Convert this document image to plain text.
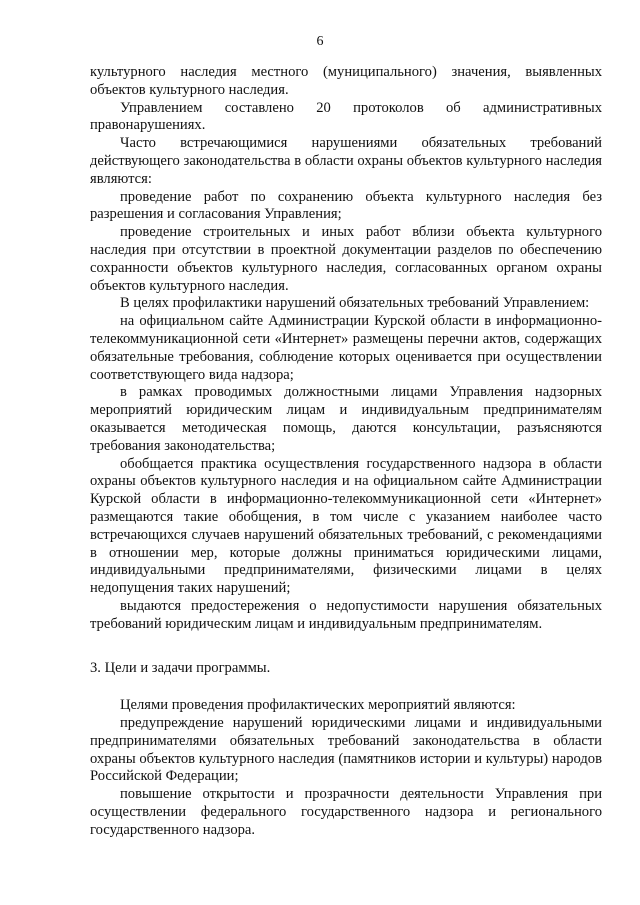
6

культурного наследия местного (муниципального) значения, выявленных объектов культурного наследия.

Управлением составлено 20 протоколов об административных правонарушениях.

Часто встречающимися нарушениями обязательных требований действующего законодательства в области охраны объектов культурного наследия являются:

проведение работ по сохранению объекта культурного наследия без разрешения и согласования Управления;

проведение строительных и иных работ вблизи объекта культурного наследия при отсутствии в проектной документации разделов по обеспечению сохранности объектов культурного наследия, согласованных органом охраны объектов культурного наследия.

В целях профилактики нарушений обязательных требований Управлением:

на официальном сайте Администрации Курской области в информационно-телекоммуникационной сети «Интернет» размещены перечни актов, содержащих обязательные требования, соблюдение которых оценивается при осуществлении соответствующего вида надзора;

в рамках проводимых должностными лицами Управления надзорных мероприятий юридическим лицам и индивидуальным предпринимателям оказывается методическая помощь, даются консультации, разъясняются требования законодательства;

обобщается практика осуществления государственного надзора в области охраны объектов культурного наследия и на официальном сайте Администрации Курской области в информационно-телекоммуникационной сети «Интернет» размещаются такие обобщения, в том числе с указанием наиболее часто встречающихся случаев нарушений обязательных требований, с рекомендациями в отношении мер, которые должны приниматься юридическими лицами, индивидуальными предпринимателями, физическими лицами в целях недопущения таких нарушений;

выдаются предостережения о недопустимости нарушения обязательных требований юридическим лицам и индивидуальным предпринимателям.

3. Цели и задачи программы.

Целями проведения профилактических мероприятий являются:

предупреждение нарушений юридическими лицами и индивидуальными предпринимателями обязательных требований законодательства в области охраны объектов культурного наследия (памятников истории и культуры) народов Российской Федерации;

повышение открытости и прозрачности деятельности Управления при осуществлении федерального государственного надзора и регионального государственного надзора.
